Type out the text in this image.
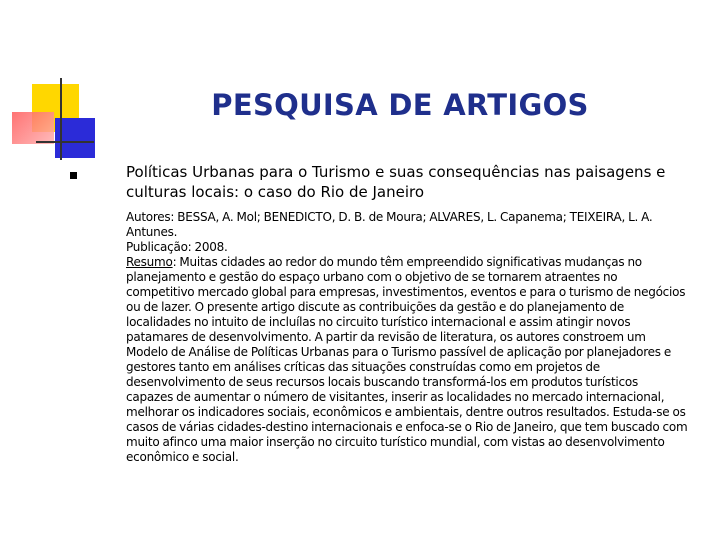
PESQUISA DE ARTIGOS

Políticas Urbanas para o Turismo e suas consequências nas paisagens e culturas locais: o caso do Rio de Janeiro

Autores: BESSA, A. Mol; BENEDICTO, D. B. de Moura; ALVARES, L. Capanema; TEIXEIRA, L. A. Antunes.

Publicação: 2008.

Resumo: Muitas cidades ao redor do mundo têm empreendido significativas mudanças no planejamento e gestão do espaço urbano com o objetivo de se tornarem atraentes no competitivo mercado global para empresas, investimentos, eventos e para o turismo de negócios ou de lazer. O presente artigo discute as contribuições da gestão e do planejamento de localidades no intuito de incluílas no circuito turístico internacional e assim atingir novos patamares de desenvolvimento. A partir da revisão de literatura, os autores constroem um Modelo de Análise de Políticas Urbanas para o Turismo passível de aplicação por planejadores e gestores tanto em análises críticas das situações construídas como em projetos de desenvolvimento de seus recursos locais buscando transformá-los em produtos turísticos capazes de aumentar o número de visitantes, inserir as localidades no mercado internacional, melhorar os indicadores sociais, econômicos e ambientais, dentre outros resultados. Estuda-se os casos de várias cidades-destino internacionais e enfoca-se o Rio de Janeiro, que tem buscado com muito afinco uma maior inserção no circuito turístico mundial, com vistas ao desenvolvimento econômico e social.
